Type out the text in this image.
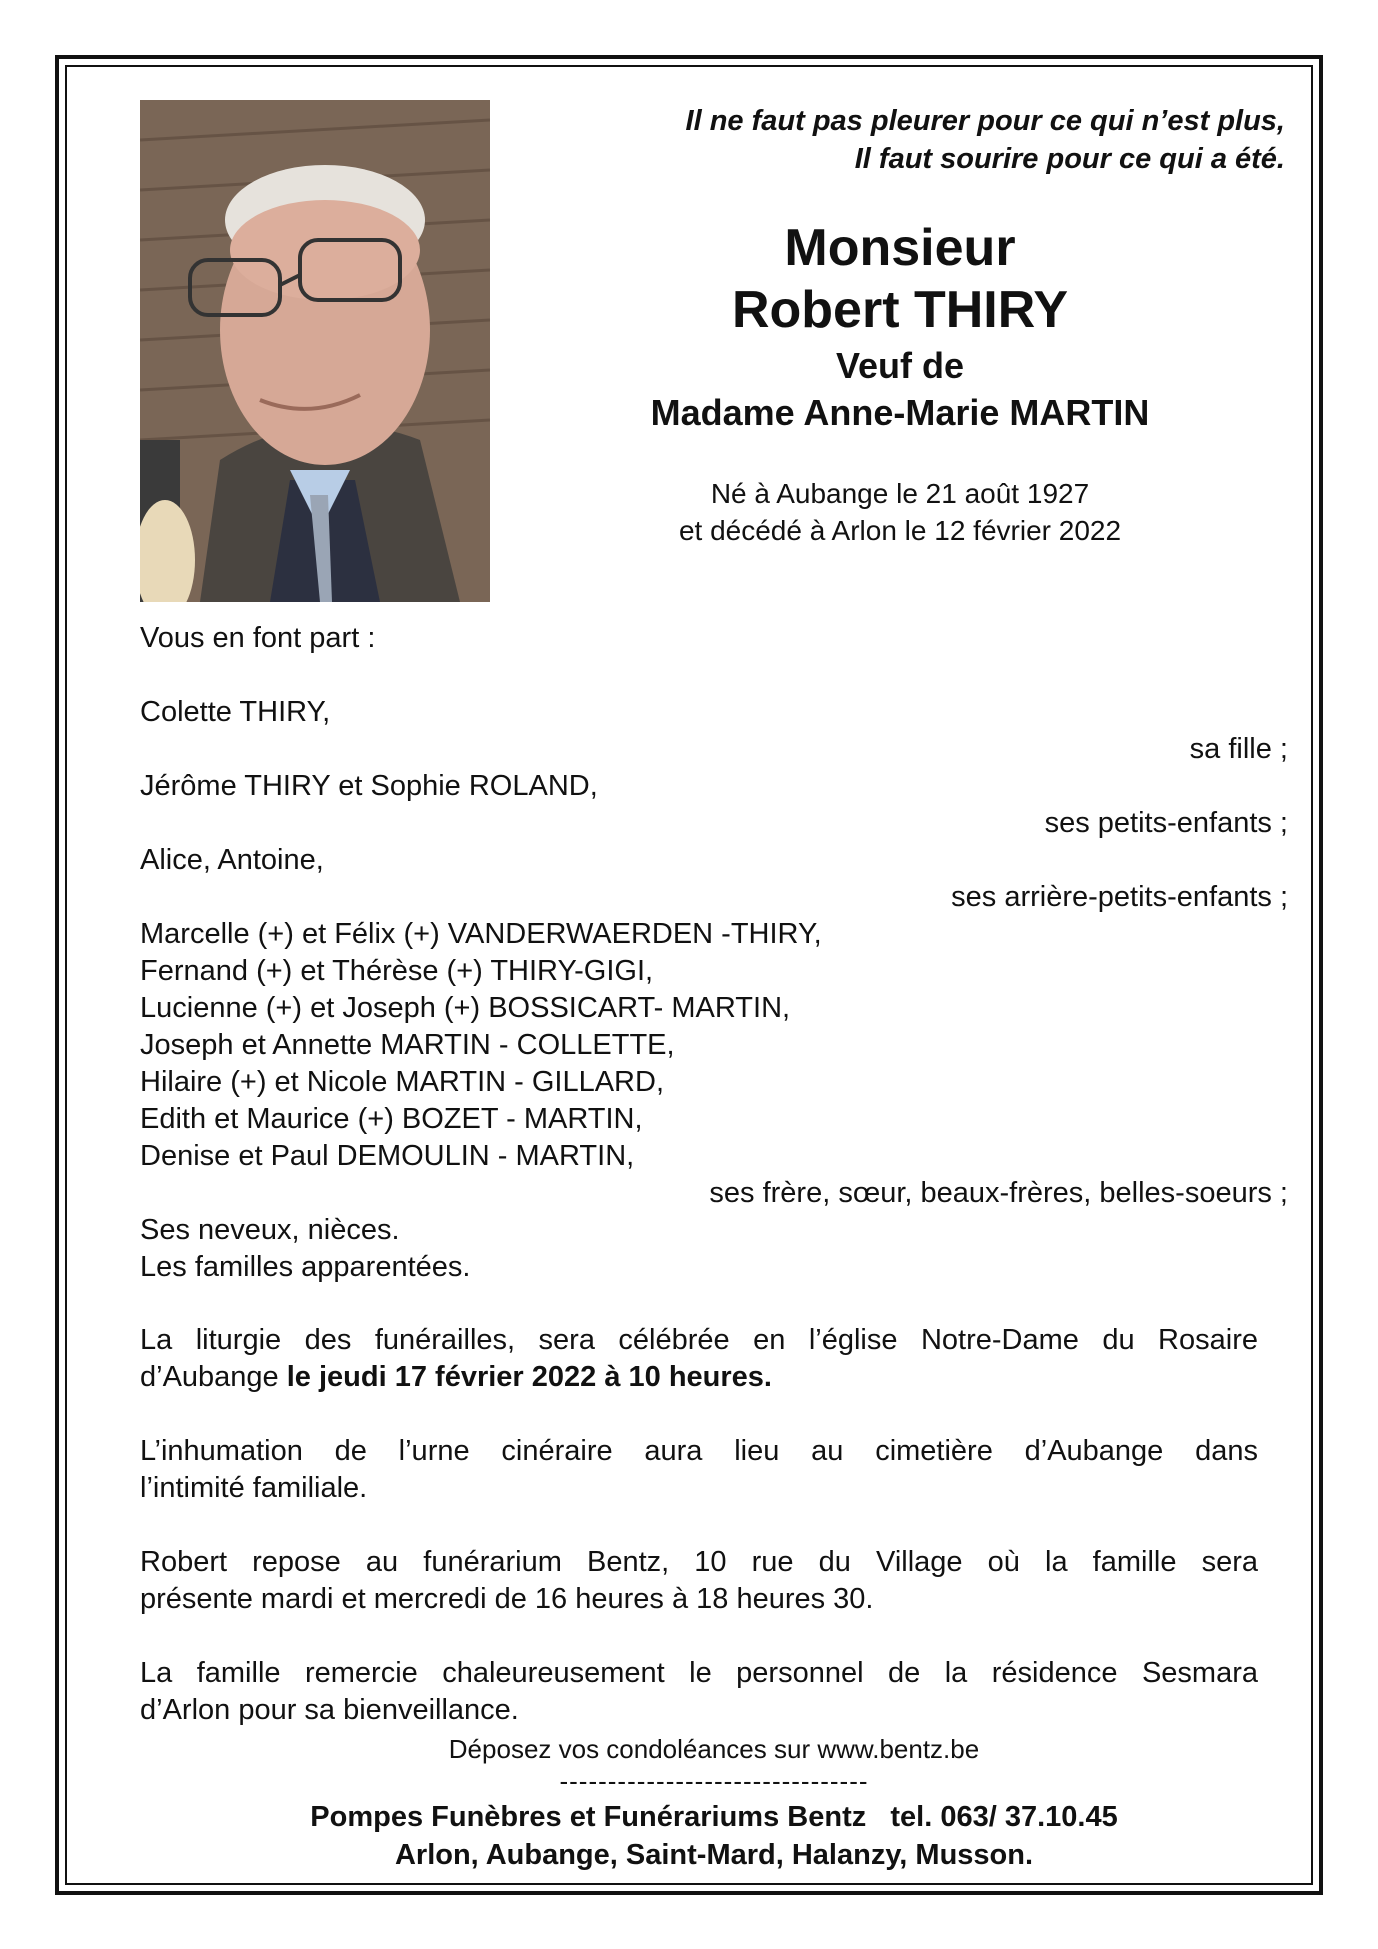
Il ne faut pas pleurer pour ce qui n’est plus,
Il faut sourire pour ce qui a été.
Monsieur
Robert THIRY
Veuf de
Madame Anne-Marie MARTIN
Né à Aubange le 21 août 1927
et décédé à Arlon le 12 février 2022
Vous en font part :
Colette THIRY,
sa fille ;
Jérôme THIRY et Sophie ROLAND,
ses petits-enfants ;
Alice, Antoine,
ses arrière-petits-enfants ;
Marcelle (+) et Félix (+) VANDERWAERDEN -THIRY,
Fernand (+) et Thérèse (+) THIRY-GIGI,
Lucienne (+) et Joseph (+) BOSSICART- MARTIN,
Joseph et Annette MARTIN - COLLETTE,
Hilaire (+) et Nicole MARTIN - GILLARD,
Edith et Maurice (+) BOZET - MARTIN,
Denise et Paul DEMOULIN - MARTIN,
ses frère, sœur, beaux-frères, belles-soeurs ;
Ses neveux, nièces.
Les familles apparentées.
La liturgie des funérailles, sera célébrée en l’église Notre-Dame du Rosaire
d’Aubange le jeudi 17 février 2022 à 10 heures.
L’inhumation de l’urne cinéraire aura lieu au cimetière d’Aubange dans
l’intimité familiale.
Robert repose au funérarium Bentz, 10 rue du Village où la famille sera
présente mardi et mercredi de 16 heures à 18 heures 30.
La famille remercie chaleureusement le personnel de la résidence Sesmara
d’Arlon pour sa bienveillance.
Déposez vos condoléances sur www.bentz.be
--------------------------------
Pompes Funèbres et Funérariums Bentz   tel. 063/ 37.10.45
Arlon, Aubange, Saint-Mard, Halanzy, Musson.
